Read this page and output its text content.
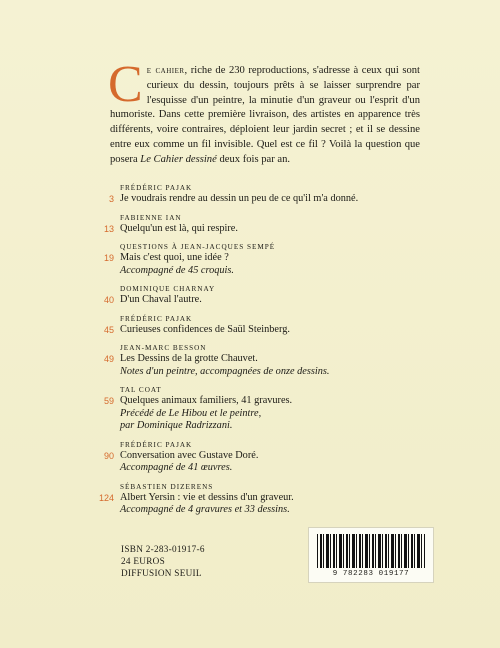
Ce cahier, riche de 230 reproductions, s'adresse à ceux qui sont curieux du dessin, toujours prêts à se laisser surprendre par l'esquisse d'un peintre, la minutie d'un graveur ou l'esprit d'un humoriste. Dans cette première livraison, des artistes en apparence très différents, voire contraires, déploient leur jardin secret ; et il se dessine entre eux comme un fil invisible. Quel est ce fil ? Voilà la question que posera Le Cahier dessiné deux fois par an.
FRÉDÉRIC PAJAK
3 Je voudrais rendre au dessin un peu de ce qu'il m'a donné.
FABIENNE IAN
13 Quelqu'un est là, qui respire.
QUESTIONS À JEAN-JACQUES SEMPÉ
19 Mais c'est quoi, une idée ?
Accompagné de 45 croquis.
DOMINIQUE CHARNAY
40 D'un Chaval l'autre.
FRÉDÉRIC PAJAK
45 Curieuses confidences de Saül Steinberg.
JEAN-MARC BESSON
49 Les Dessins de la grotte Chauvet.
Notes d'un peintre, accompagnées de onze dessins.
TAL COAT
59 Quelques animaux familiers, 41 gravures.
Précédé de Le Hibou et le peintre,
par Dominique Radrizzani.
FRÉDÉRIC PAJAK
90 Conversation avec Gustave Doré.
Accompagné de 41 œuvres.
SÉBASTIEN DIZERENS
124 Albert Yersin : vie et dessins d'un graveur.
Accompagné de 4 gravures et 33 dessins.
ISBN 2-283-01917-6
24 EUROS
DIFFUSION SEUIL	9 782283 019177
